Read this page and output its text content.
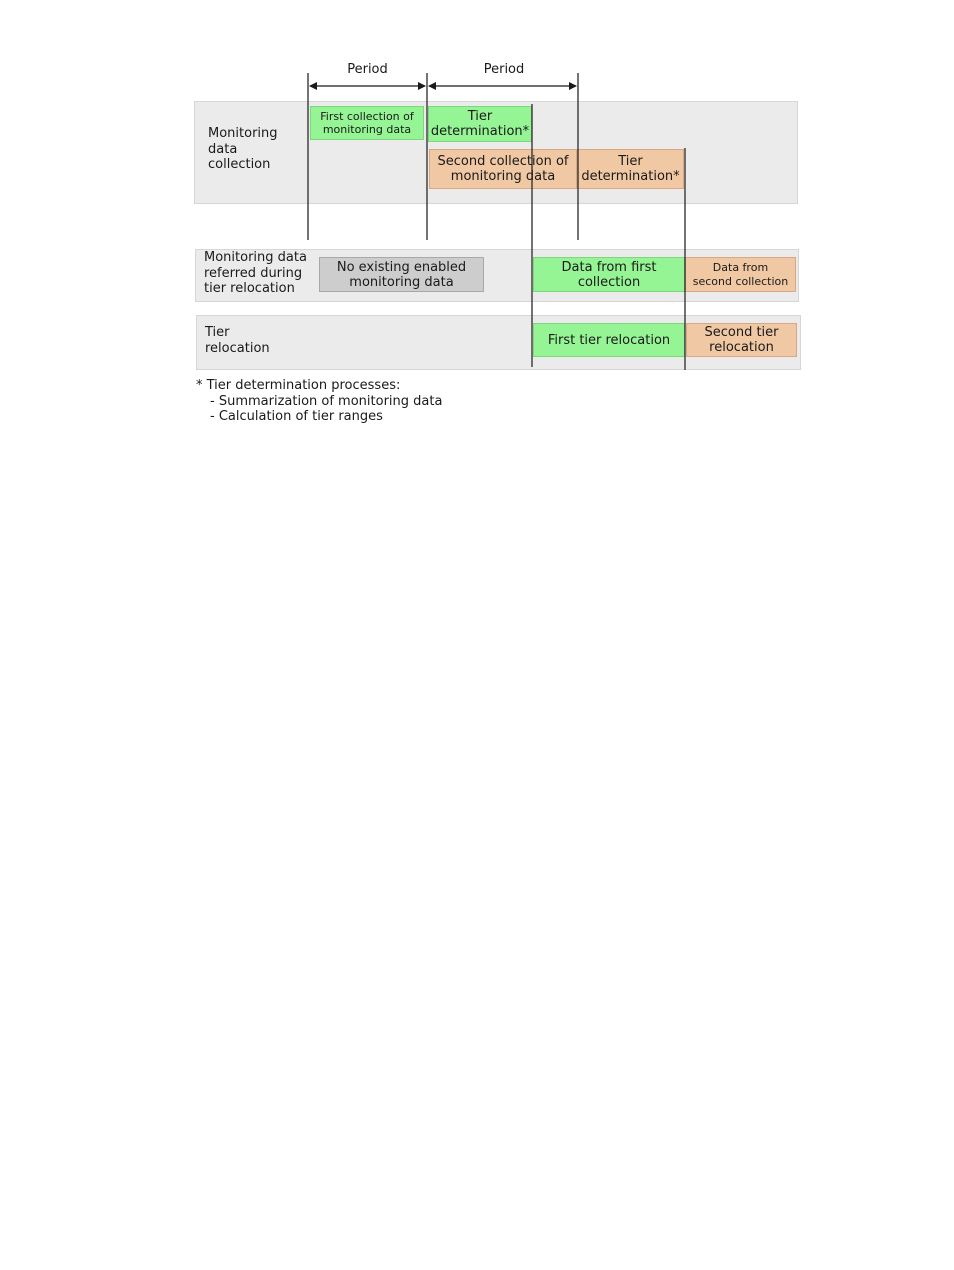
Monitoring
data
collection
Monitoring data
referred during
tier relocation
Tier
relocation
First collection of
monitoring data
Tier
determination*
Second collection of
monitoring data
Tier
determination*
No existing enabled
monitoring data
Data from first
collection
Data from
second collection
First tier relocation	Second tier
relocation
Period	Period
* Tier determination processes:
- Summarization of monitoring data
- Calculation of tier ranges
